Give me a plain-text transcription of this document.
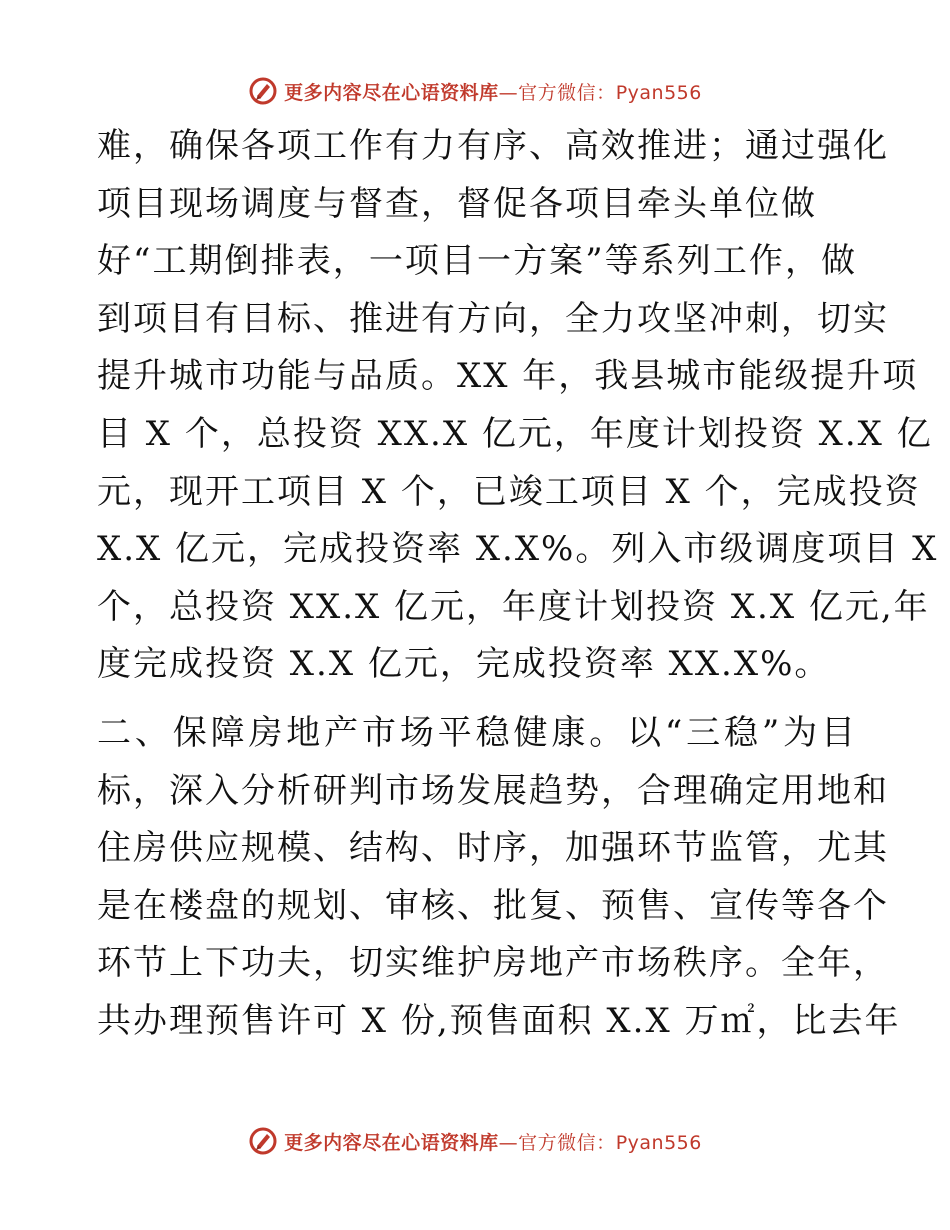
更多内容尽在心语资料库—官方微信：Pyan556
难，确保各项工作有力有序、高效推进；通过强化
项目现场调度与督查，督促各项目牵头单位做
好“工期倒排表，一项目一方案”等系列工作，做
到项目有目标、推进有方向，全力攻坚冲刺，切实
提升城市功能与品质。XX 年，我县城市能级提升项
目 X 个，总投资 XX.X 亿元，年度计划投资 X.X 亿
元，现开工项目 X 个，已竣工项目 X 个，完成投资
X.X 亿元，完成投资率 X.X%。列入市级调度项目 X
个，总投资 XX.X 亿元，年度计划投资 X.X 亿元,年
度完成投资 X.X 亿元，完成投资率 XX.X%。
二、保障房地产市场平稳健康。以“三稳”为目
标，深入分析研判市场发展趋势，合理确定用地和
住房供应规模、结构、时序，加强环节监管，尤其
是在楼盘的规划、审核、批复、预售、宣传等各个
环节上下功夫，切实维护房地产市场秩序。全年，
共办理预售许可 X 份,预售面积 X.X 万㎡，比去年
更多内容尽在心语资料库—官方微信：Pyan556
